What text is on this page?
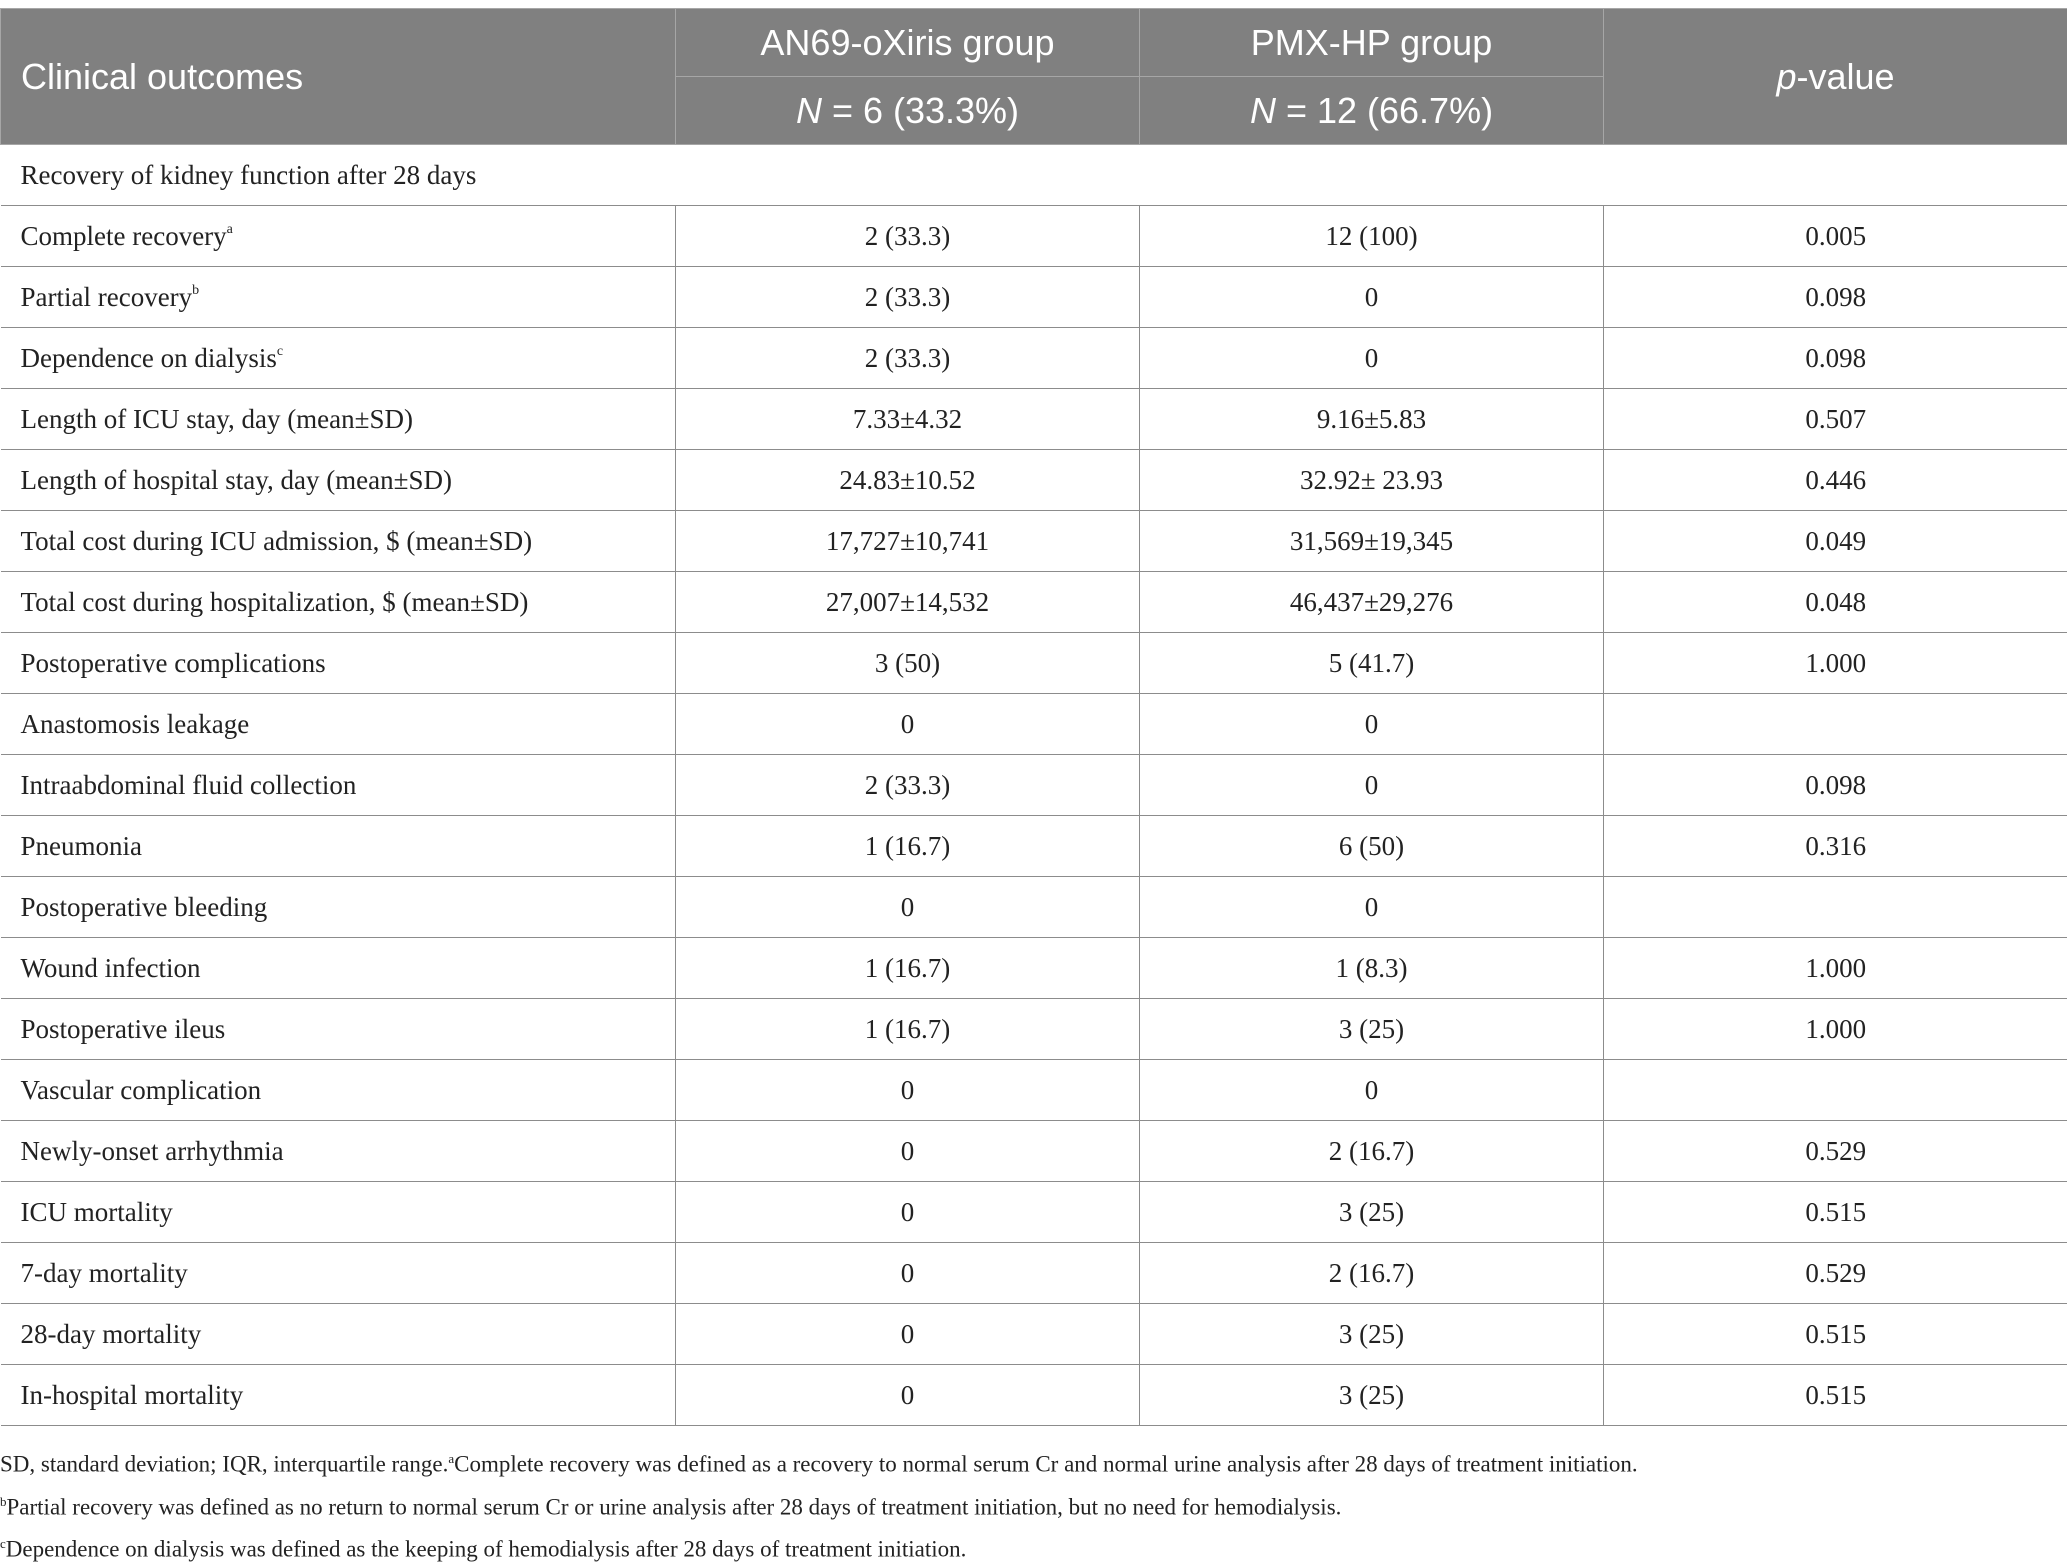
Clinical outcomes	AN69-oXiris group	PMX-HP group	p-value
	N = 6 (33.3%)	N = 12 (66.7%)	
Recovery of kidney function after 28 days			
Complete recovery$^a$	2 (33.3)	12 (100)	0.005
Partial recovery$^b$	2 (33.3)	0	0.098
Dependence on dialysis$^c$	2 (33.3)	0	0.098
Length of ICU stay, day (mean±SD)	7.33±4.32	9.16±5.83	0.507
Length of hospital stay, day (mean±SD)	24.83±10.52	32.92± 23.93	0.446
Total cost during ICU admission, $ (mean±SD)	17,727±10,741	31,569±19,345	0.049
Total cost during hospitalization, $ (mean±SD)	27,007±14,532	46,437±29,276	0.048
Postoperative complications	3 (50)	5 (41.7)	1.000
Anastomosis leakage	0	0	
Intraabdominal fluid collection	2 (33.3)	0	0.098
Pneumonia	1 (16.7)	6 (50)	0.316
Postoperative bleeding	0	0	
Wound infection	1 (16.7)	1 (8.3)	1.000
Postoperative ileus	1 (16.7)	3 (25)	1.000
Vascular complication	0	0	
Newly-onset arrhythmia	0	2 (16.7)	0.529
ICU mortality	0	3 (25)	0.515
7-day mortality	0	2 (16.7)	0.529
28-day mortality	0	3 (25)	0.515
In-hospital mortality	0	3 (25)	0.515

SD, standard deviation; IQR, interquartile range.$^a$Complete recovery was defined as a recovery to normal serum Cr and normal urine analysis after 28 days of treatment initiation.

$^b$Partial recovery was defined as no return to normal serum Cr or urine analysis after 28 days of treatment initiation, but no need for hemodialysis.

$^c$Dependence on dialysis was defined as the keeping of hemodialysis after 28 days of treatment initiation.
